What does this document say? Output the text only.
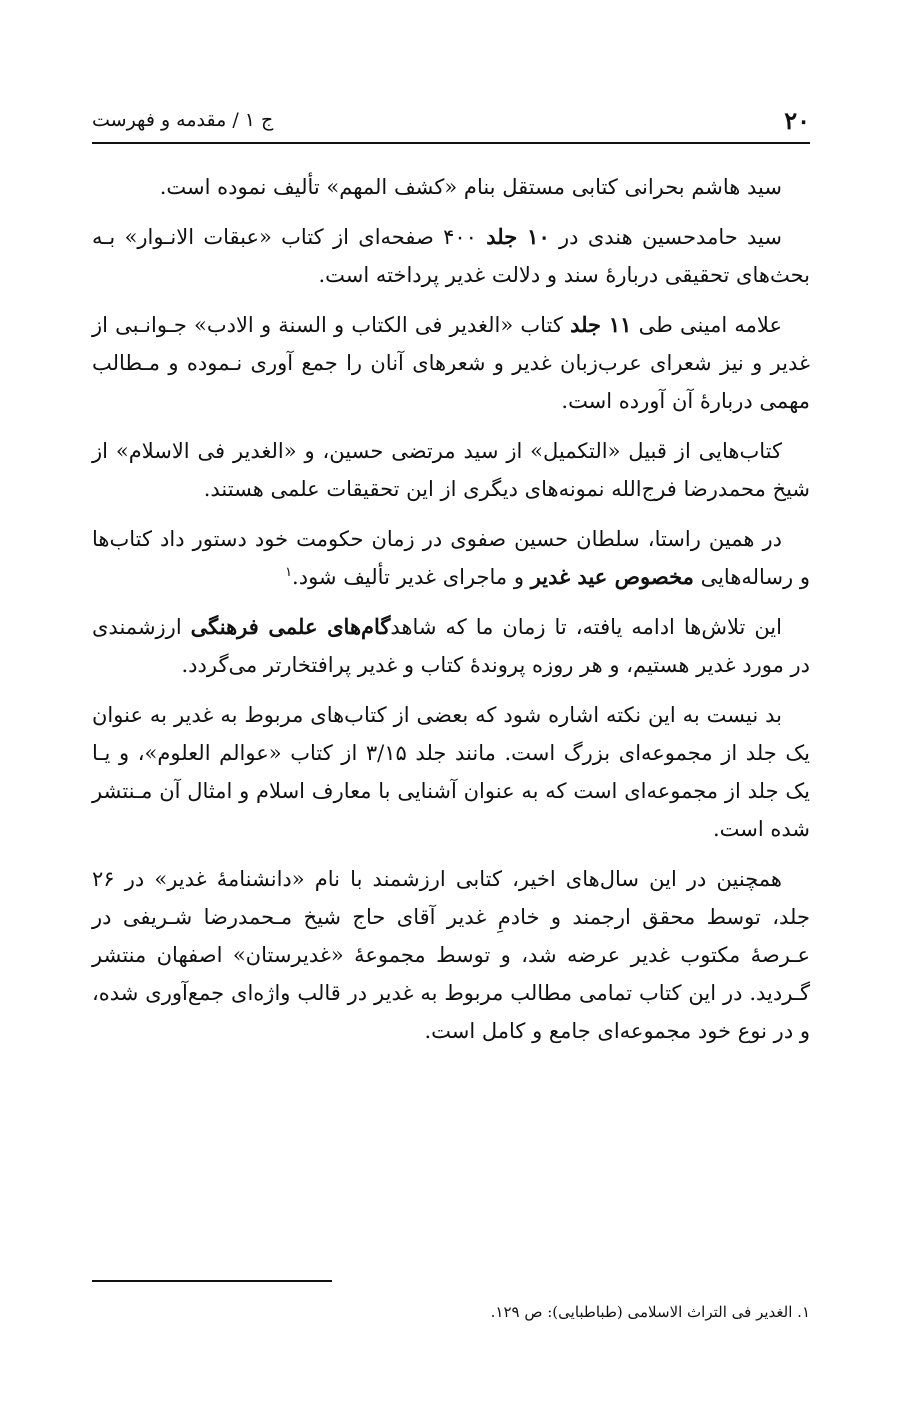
۲۰
ج ۱ / مقدمه و فهرست

سید هاشم بحرانی کتابی مستقل بنام «کشف المهم» تألیف نموده است.

سید حامدحسین هندی در ۱۰ جلد ۴۰۰ صفحه‌ای از کتاب «عبقات الانـوار» بـه بحث‌های تحقیقی دربارهٔ سند و دلالت غدیر پرداخته است.

علامه امینی طی ۱۱ جلد کتاب «الغدیر فی الکتاب و السنة و الادب» جـوانـبی از غدیر و نیز شعرای عرب‌زبان غدیر و شعرهای آنان را جمع آوری نـموده و مـطالب مهمی دربارهٔ آن آورده است.

کتاب‌هایی از قبیل «التکمیل» از سید مرتضی حسین، و «الغدیر فی الاسلام» از شیخ محمدرضا فرج‌الله نمونه‌های دیگری از این تحقیقات علمی هستند.

در همین راستا، سلطان حسین صفوی در زمان حکومت خود دستور داد کتاب‌ها و رساله‌هایی مخصوص عید غدیر و ماجرای غدیر تألیف شود.$^۱$

این تلاش‌ها ادامه یافته، تا زمان ما که شاهدگام‌های علمی فرهنگی ارزشمندی در مورد غدیر هستیم، و هر روزه پروندهٔ کتاب و غدیر پرافتخارتر می‌گردد.

بد نیست به این نکته اشاره شود که بعضی از کتاب‌های مربوط به غدیر به عنوان یک جلد از مجموعه‌ای بزرگ است. مانند جلد ۳/۱۵ از کتاب «عوالم العلوم»، و یـا یک جلد از مجموعه‌ای است که به عنوان آشنایی با معارف اسلام و امثال آن مـنتشر شده است.

همچنین در این سال‌های اخیر، کتابی ارزشمند با نام «دانشنامهٔ غدیر» در ۲۶ جلد، توسط محقق ارجمند و خادمِ غدیر آقای حاج شیخ مـحمدرضا شـریفی در عـرصهٔ مکتوب غدیر عرضه شد، و توسط مجموعهٔ «غدیرستان» اصفهان منتشر گـردید. در این کتاب تمامی مطالب مربوط به غدیر در قالب واژه‌ای جمع‌آوری شده، و در نوع خود مجموعه‌ای جامع و کامل است.

۱. الغدیر فی التراث الاسلامی (طباطبایی): ص ۱۲۹.
